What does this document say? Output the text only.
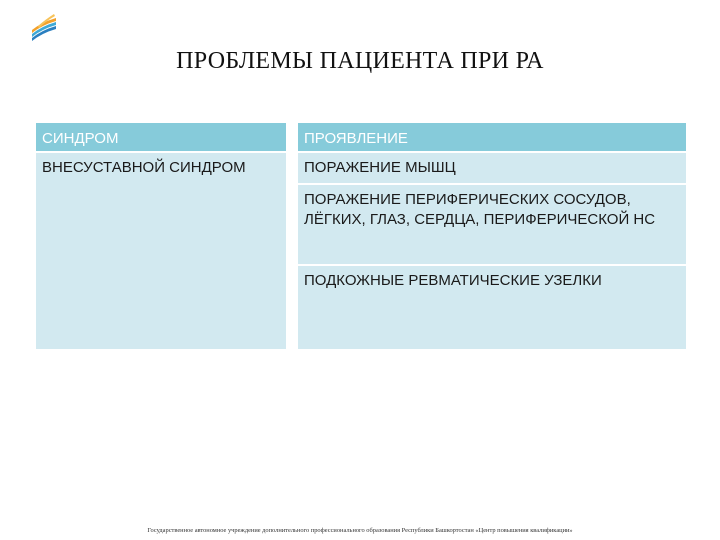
ПРОБЛЕМЫ ПАЦИЕНТА ПРИ РА
СИНДРОМ	ПРОЯВЛЕНИЕ
ВНЕСУСТАВНОЙ СИНДРОМ	ПОРАЖЕНИЕ МЫШЦ
	ПОРАЖЕНИЕ ПЕРИФЕРИЧЕСКИХ СОСУДОВ, ЛЁГКИХ, ГЛАЗ, СЕРДЦА, ПЕРИФЕРИЧЕСКОЙ НС
	ПОДКОЖНЫЕ РЕВМАТИЧЕСКИЕ УЗЕЛКИ
Государственное автономное учреждение дополнительного профессионального образования Республики Башкортостан «Центр повышения квалификации»
